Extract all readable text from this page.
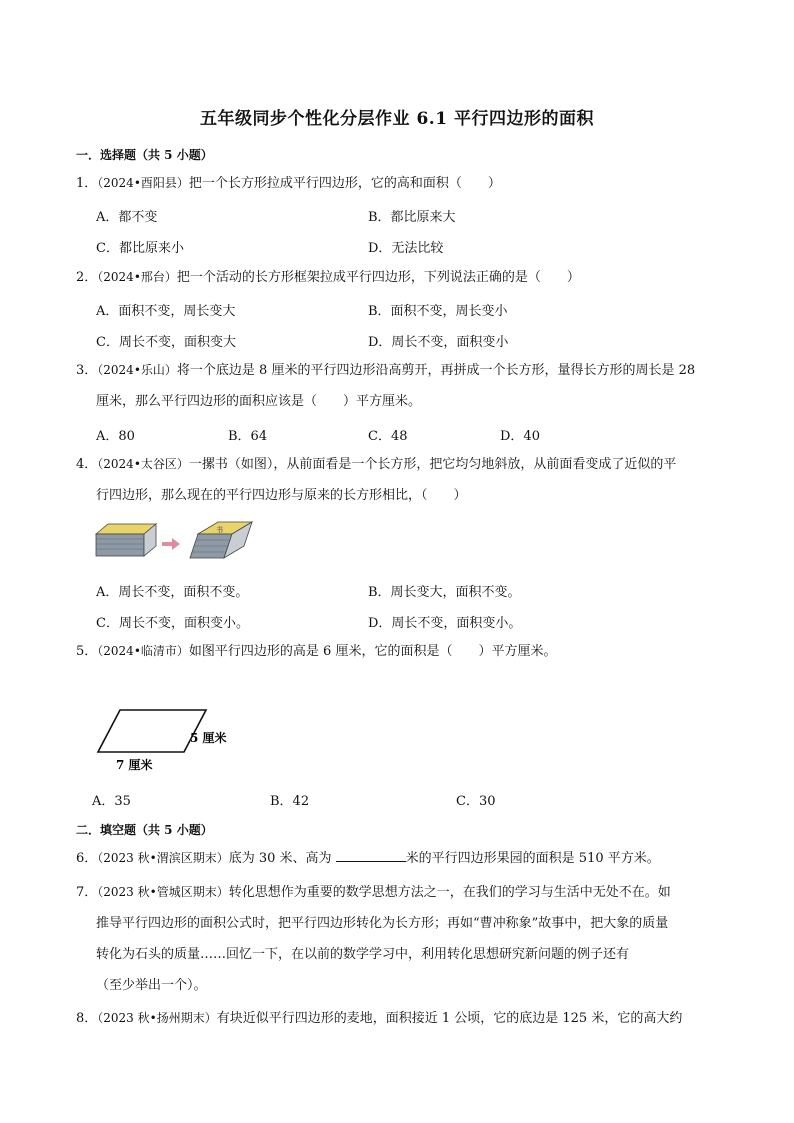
五年级同步个性化分层作业 6.1 平行四边形的面积
一．选择题（共 5 小题）
1．（2024•酉阳县）把一个长方形拉成平行四边形，它的高和面积（　　）
A．都不变	B．都比原来大
C．都比原来小	D．无法比较
2．（2024•邢台）把一个活动的长方形框架拉成平行四边形，下列说法正确的是（　　）
A．面积不变，周长变大	B．面积不变，周长变小
C．周长不变，面积变大	D．周长不变，面积变小
3．（2024•乐山）将一个底边是 8 厘米的平行四边形沿高剪开，再拼成一个长方形，量得长方形的周长是 28
厘米，那么平行四边形的面积应该是（　　）平方厘米。
A．80	B．64	C．48	D．40
4．（2024•太谷区）一摞书（如图），从前面看是一个长方形，把它均匀地斜放，从前面看变成了近似的平
行四边形，那么现在的平行四边形与原来的长方形相比，（　　）
书
A．周长不变，面积不变。	B．周长变大，面积不变。
C．周长不变，面积变小。	D．周长不变，面积变小。
5．（2024•临清市）如图平行四边形的高是 6 厘米，它的面积是（　　）平方厘米。
5 厘米
7 厘米
A．35	B．42	C．30
二．填空题（共 5 小题）
6．（2023 秋•渭滨区期末）底为 30 米、高为	米的平行四边形果园的面积是 510 平方米。
7．（2023 秋•管城区期末）转化思想作为重要的数学思想方法之一，在我们的学习与生活中无处不在。如
推导平行四边形的面积公式时，把平行四边形转化为长方形；再如“曹冲称象”故事中，把大象的质量
转化为石头的质量……回忆一下，在以前的数学学习中，利用转化思想研究新问题的例子还有
（至少举出一个）。
8．（2023 秋•扬州期末）有块近似平行四边形的麦地，面积接近 1 公顷，它的底边是 125 米，它的高大约
